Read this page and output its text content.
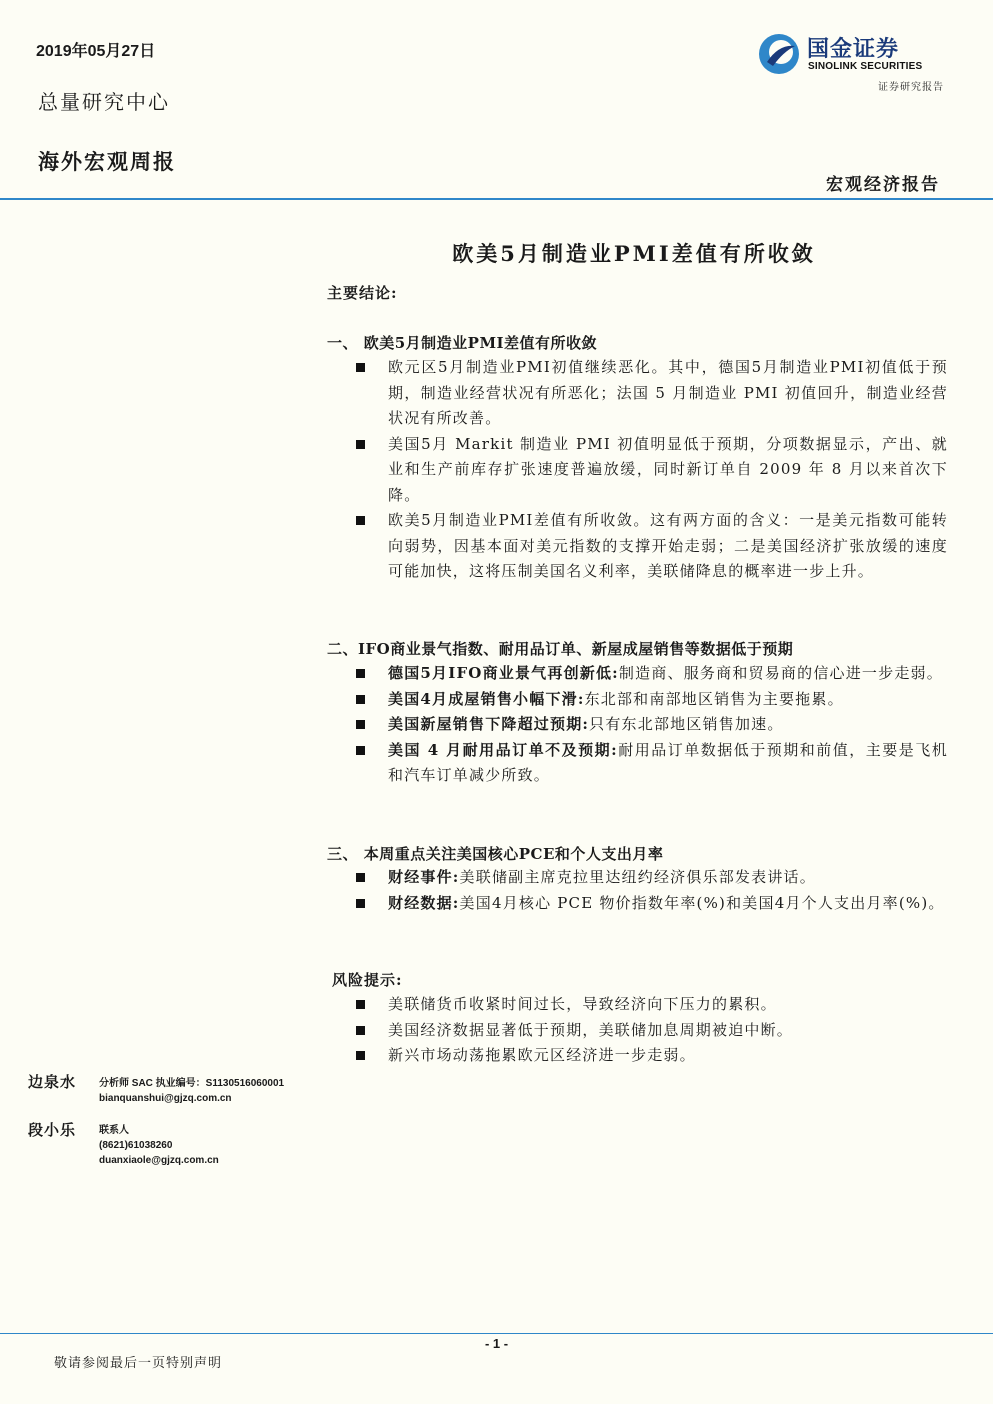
2019年05月27日
总量研究中心
海外宏观周报
宏观经济报告
国金证券
SINOLINK SECURITIES
证券研究报告
欧美5月制造业PMI差值有所收敛
主要结论:
一、 欧美5月制造业PMI差值有所收敛
欧元区5月制造业PMI初值继续恶化。其中，德国5月制造业PMI初值低于预期，制造业经营状况有所恶化；法国 5 月制造业 PMI 初值回升，制造业经营状况有所改善。
美国5月 Markit 制造业 PMI 初值明显低于预期，分项数据显示，产出、就业和生产前库存扩张速度普遍放缓，同时新订单自 2009 年 8 月以来首次下降。
欧美5月制造业PMI差值有所收敛。这有两方面的含义：一是美元指数可能转向弱势，因基本面对美元指数的支撑开始走弱；二是美国经济扩张放缓的速度可能加快，这将压制美国名义利率，美联储降息的概率进一步上升。
二、IFO商业景气指数、耐用品订单、新屋成屋销售等数据低于预期
德国5月IFO商业景气再创新低:制造商、服务商和贸易商的信心进一步走弱。
美国4月成屋销售小幅下滑:东北部和南部地区销售为主要拖累。
美国新屋销售下降超过预期:只有东北部地区销售加速。
美国 4 月耐用品订单不及预期:耐用品订单数据低于预期和前值，主要是飞机和汽车订单减少所致。
三、 本周重点关注美国核心PCE和个人支出月率
财经事件:美联储副主席克拉里达纽约经济俱乐部发表讲话。
财经数据:美国4月核心 PCE 物价指数年率(%)和美国4月个人支出月率(%)。
风险提示:
美联储货币收紧时间过长，导致经济向下压力的累积。
美国经济数据显著低于预期，美联储加息周期被迫中断。
新兴市场动荡拖累欧元区经济进一步走弱。
边泉水 分析师 SAC 执业编号：S1130516060001
bianquanshui@gjzq.com.cn
段小乐 联系人
(8621)61038260
duanxiaole@gjzq.com.cn
- 1 -
敬请参阅最后一页特别声明
